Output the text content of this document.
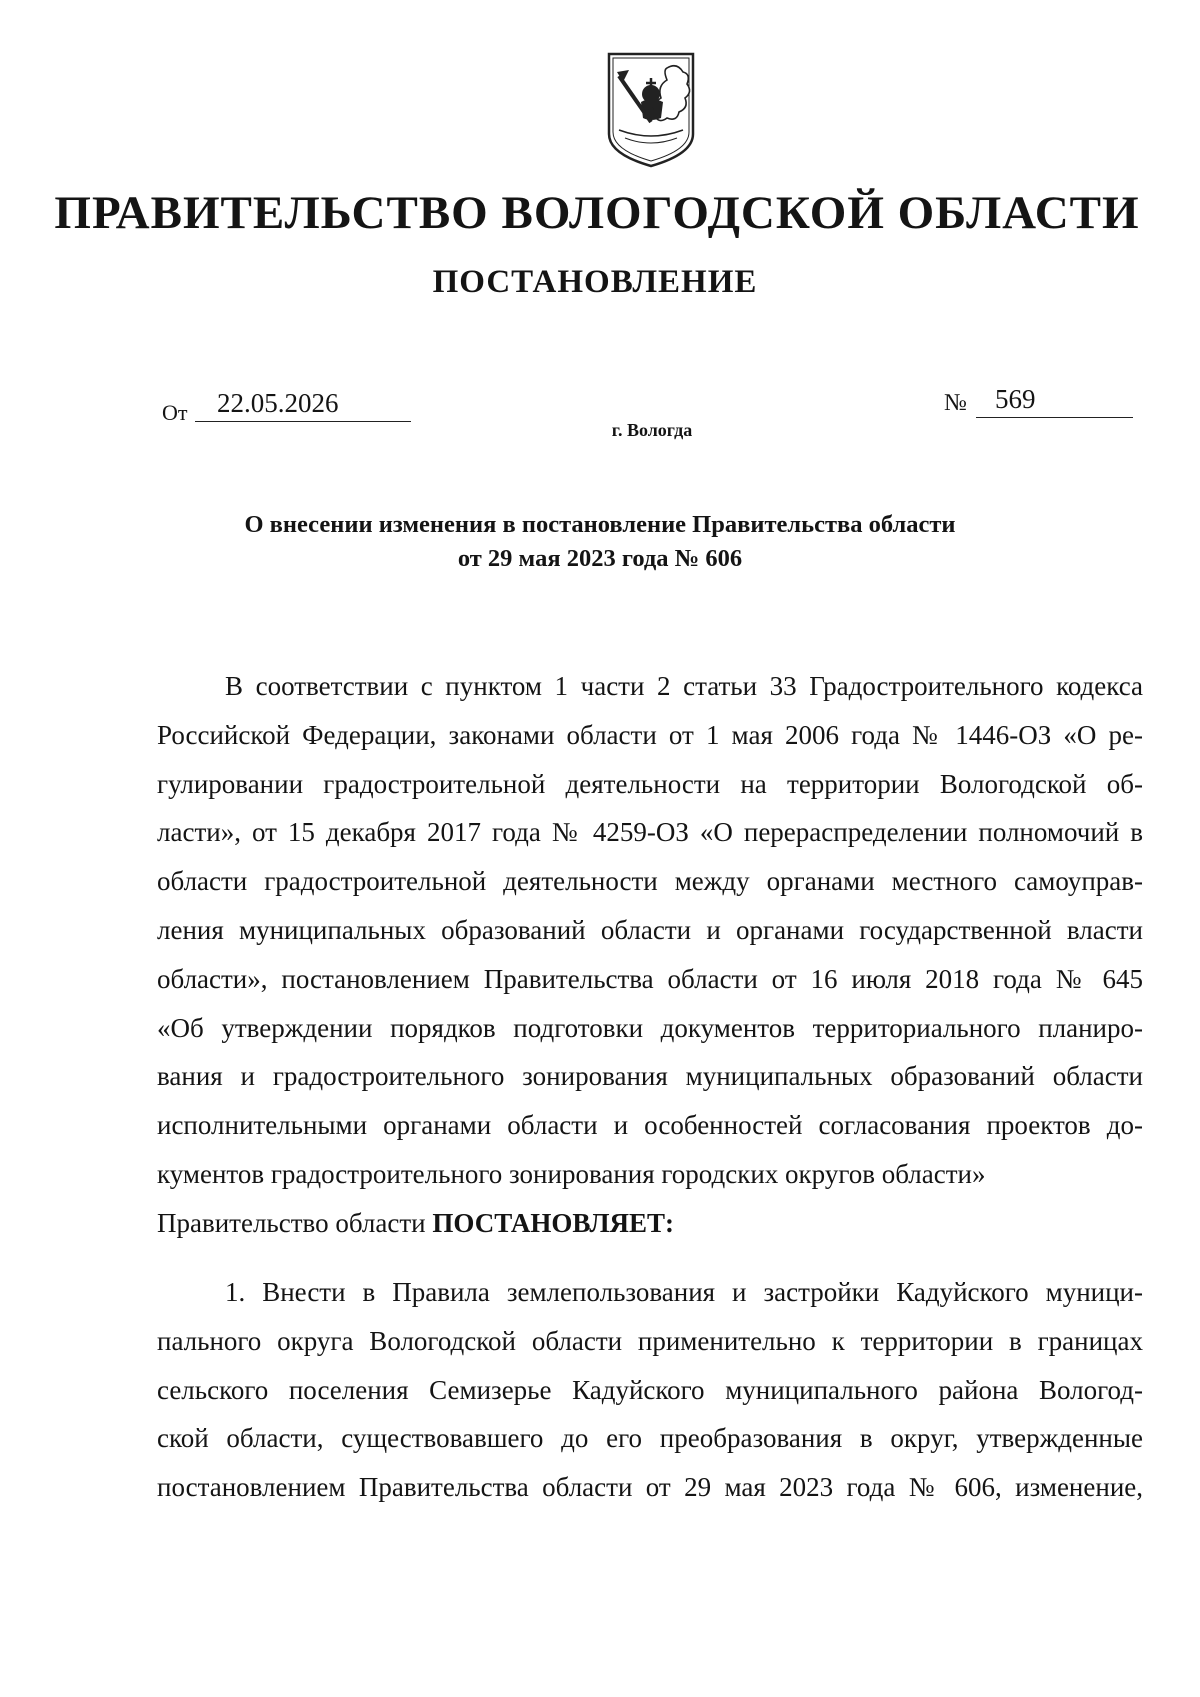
ПРАВИТЕЛЬСТВО ВОЛОГОДСКОЙ ОБЛАСТИ
ПОСТАНОВЛЕНИЕ
От	22.05.2026	№	569
г. Вологда
О внесении изменения в постановление Правительства области
от 29 мая 2023 года № 606
В соответствии с пунктом 1 части 2 статьи 33 Градостроительного кодекса
Российской Федерации, законами области от 1 мая 2006 года № 1446-ОЗ «О ре-
гулировании градостроительной деятельности на территории Вологодской об-
ласти», от 15 декабря 2017 года № 4259-ОЗ «О перераспределении полномочий в
области градостроительной деятельности между органами местного самоуправ-
ления муниципальных образований области и органами государственной власти
области», постановлением Правительства области от 16 июля 2018 года № 645
«Об утверждении порядков подготовки документов территориального планиро-
вания и градостроительного зонирования муниципальных образований области
исполнительными органами области и особенностей согласования проектов до-
кументов градостроительного зонирования городских округов области»
Правительство области ПОСТАНОВЛЯЕТ:
1. Внести в Правила землепользования и застройки Кадуйского муници-
пального округа Вологодской области применительно к территории в границах
сельского поселения Семизерье Кадуйского муниципального района Вологод-
ской области, существовавшего до его преобразования в округ, утвержденные
постановлением Правительства области от 29 мая 2023 года № 606, изменение,
